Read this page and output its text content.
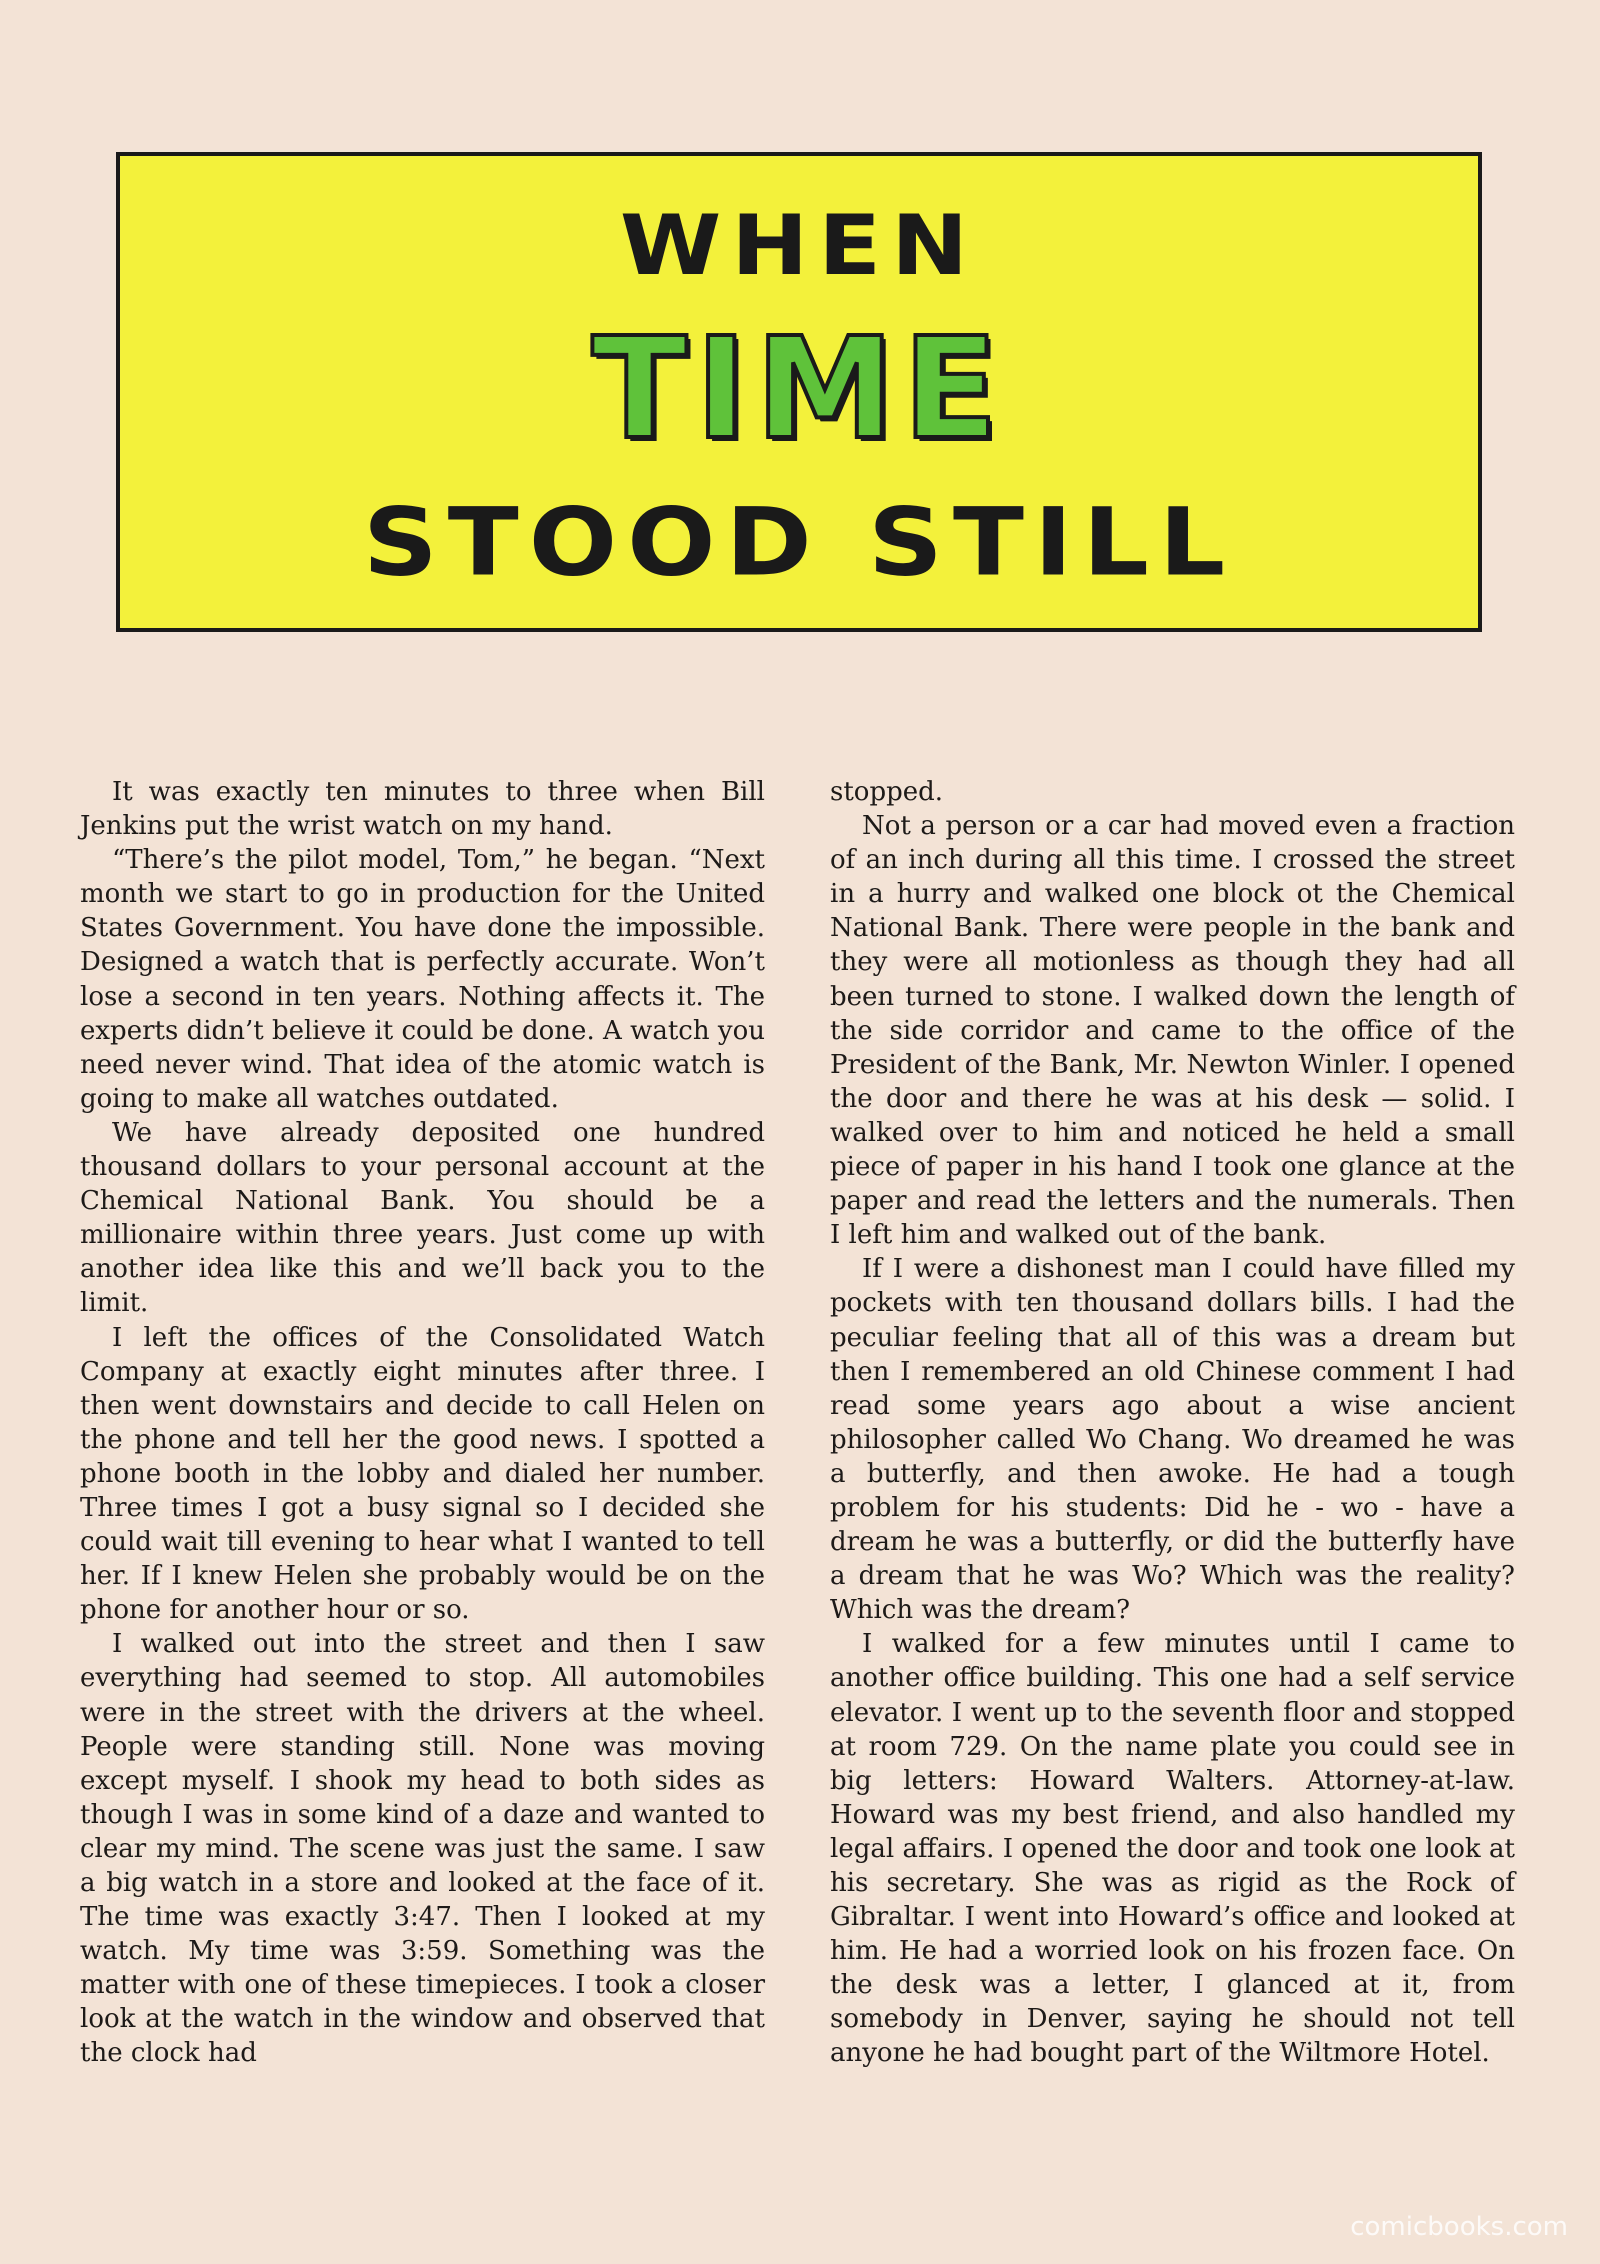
WHEN
TIME
STOOD STILL

It was exactly ten minutes to three when Bill Jenkins put the wrist watch on my hand.

“There’s the pilot model, Tom,” he began. “Next month we start to go in production for the United States Government. You have done the impossible. Designed a watch that is perfectly accurate. Won’t lose a second in ten years. Nothing affects it. The experts didn’t believe it could be done. A watch you need never wind. That idea of the atomic watch is going to make all watches outdated.

We have already deposited one hundred thousand dollars to your personal account at the Chemical National Bank. You should be a millionaire within three years. Just come up with another idea like this and we’ll back you to the limit.

I left the offices of the Consolidated Watch Company at exactly eight minutes after three. I then went downstairs and decide to call Helen on the phone and tell her the good news. I spotted a phone booth in the lobby and dialed her number. Three times I got a busy signal so I decided she could wait till evening to hear what I wanted to tell her. If I knew Helen she probably would be on the phone for another hour or so.

I walked out into the street and then I saw everything had seemed to stop. All automobiles were in the street with the drivers at the wheel. People were standing still. None was moving except myself. I shook my head to both sides as though I was in some kind of a daze and wanted to clear my mind. The scene was just the same. I saw a big watch in a store and looked at the face of it. The time was exactly 3:47. Then I looked at my watch. My time was 3:59. Something was the matter with one of these timepieces. I took a closer look at the watch in the window and observed that the clock had

stopped.

Not a person or a car had moved even a fraction of an inch during all this time. I crossed the street in a hurry and walked one block ot the Chemical National Bank. There were people in the bank and they were all motionless as though they had all been turned to stone. I walked down the length of the side corridor and came to the office of the President of the Bank, Mr. Newton Winler. I opened the door and there he was at his desk — solid. I walked over to him and noticed he held a small piece of paper in his hand I took one glance at the paper and read the letters and the numerals. Then I left him and walked out of the bank.

If I were a dishonest man I could have filled my pockets with ten thousand dollars bills. I had the peculiar feeling that all of this was a dream but then I remembered an old Chinese comment I had read some years ago about a wise ancient philosopher called Wo Chang. Wo dreamed he was a butterfly, and then awoke. He had a tough problem for his students: Did he - wo - have a dream he was a butterfly, or did the butterfly have a dream that he was Wo? Which was the reality? Which was the dream?

I walked for a few minutes until I came to another office building. This one had a self service elevator. I went up to the seventh floor and stopped at room 729. On the name plate you could see in big letters: Howard Walters. Attorney-at-law. Howard was my best friend, and also handled my legal affairs. I opened the door and took one look at his secretary. She was as rigid as the Rock of Gibraltar. I went into Howard’s office and looked at him. He had a worried look on his frozen face. On the desk was a letter, I glanced at it, from somebody in Denver, saying he should not tell anyone he had bought part of the Wiltmore Hotel.

comicbooks.com
